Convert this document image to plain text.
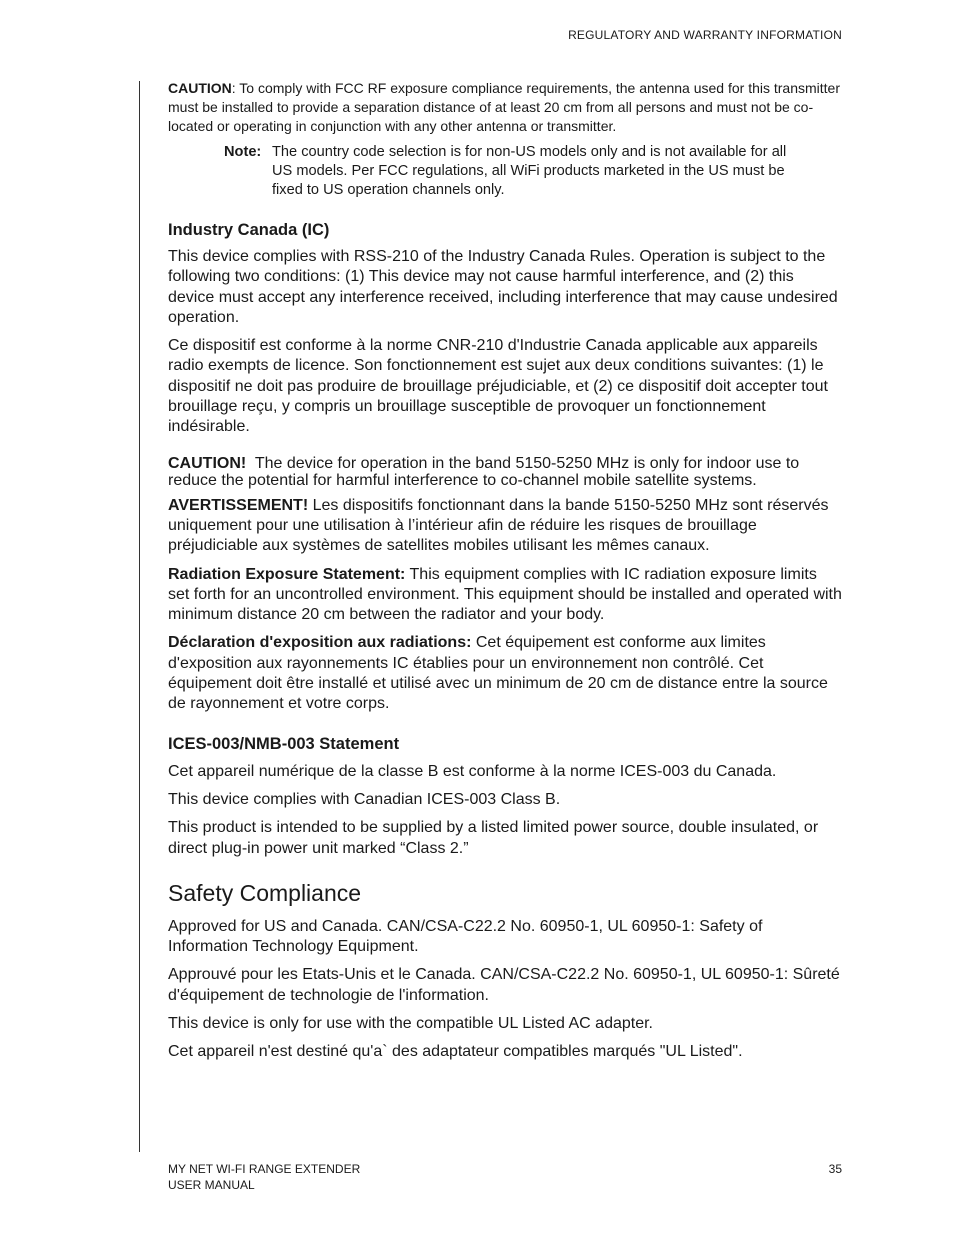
REGULATORY AND WARRANTY INFORMATION

CAUTION: To comply with FCC RF exposure compliance requirements, the antenna used for this transmitter must be installed to provide a separation distance of at least 20 cm from all persons and must not be co-located or operating in conjunction with any other antenna or transmitter.

Note: The country code selection is for non-US models only and is not available for all US models. Per FCC regulations, all WiFi products marketed in the US must be fixed to US operation channels only.
Industry Canada (IC)

This device complies with RSS-210 of the Industry Canada Rules. Operation is subject to the following two conditions: (1) This device may not cause harmful interference, and (2) this device must accept any interference received, including interference that may cause undesired operation.

Ce dispositif est conforme à la norme CNR-210 d'Industrie Canada applicable aux appareils radio exempts de licence. Son fonctionnement est sujet aux deux conditions suivantes: (1) le dispositif ne doit pas produire de brouillage préjudiciable, et (2) ce dispositif doit accepter tout brouillage reçu, y compris un brouillage susceptible de provoquer un fonctionnement indésirable.

CAUTION! The device for operation in the band 5150-5250 MHz is only for indoor use to reduce the potential for harmful interference to co-channel mobile satellite systems.

AVERTISSEMENT! Les dispositifs fonctionnant dans la bande 5150-5250 MHz sont réservés uniquement pour une utilisation à l’intérieur afin de réduire les risques de brouillage préjudiciable aux systèmes de satellites mobiles utilisant les mêmes canaux.

Radiation Exposure Statement: This equipment complies with IC radiation exposure limits set forth for an uncontrolled environment. This equipment should be installed and operated with minimum distance 20 cm between the radiator and your body.

Déclaration d'exposition aux radiations: Cet équipement est conforme aux limites d'exposition aux rayonnements IC établies pour un environnement non contrôlé. Cet équipement doit être installé et utilisé avec un minimum de 20 cm de distance entre la source de rayonnement et votre corps.

ICES-003/NMB-003 Statement

Cet appareil numérique de la classe B est conforme à la norme ICES-003 du Canada.

This device complies with Canadian ICES-003 Class B.

This product is intended to be supplied by a listed limited power source, double insulated, or direct plug-in power unit marked “Class 2.”

Safety Compliance

Approved for US and Canada. CAN/CSA-C22.2 No. 60950-1, UL 60950-1: Safety of Information Technology Equipment.

Approuvé pour les Etats-Unis et le Canada. CAN/CSA-C22.2 No. 60950-1, UL 60950-1: Sûreté d'équipement de technologie de l'information.

This device is only for use with the compatible UL Listed AC adapter.

Cet appareil n'est destiné qu'a` des adaptateur compatibles marqués "UL Listed".

MY NET WI-FI RANGE EXTENDER
USER MANUAL
35
